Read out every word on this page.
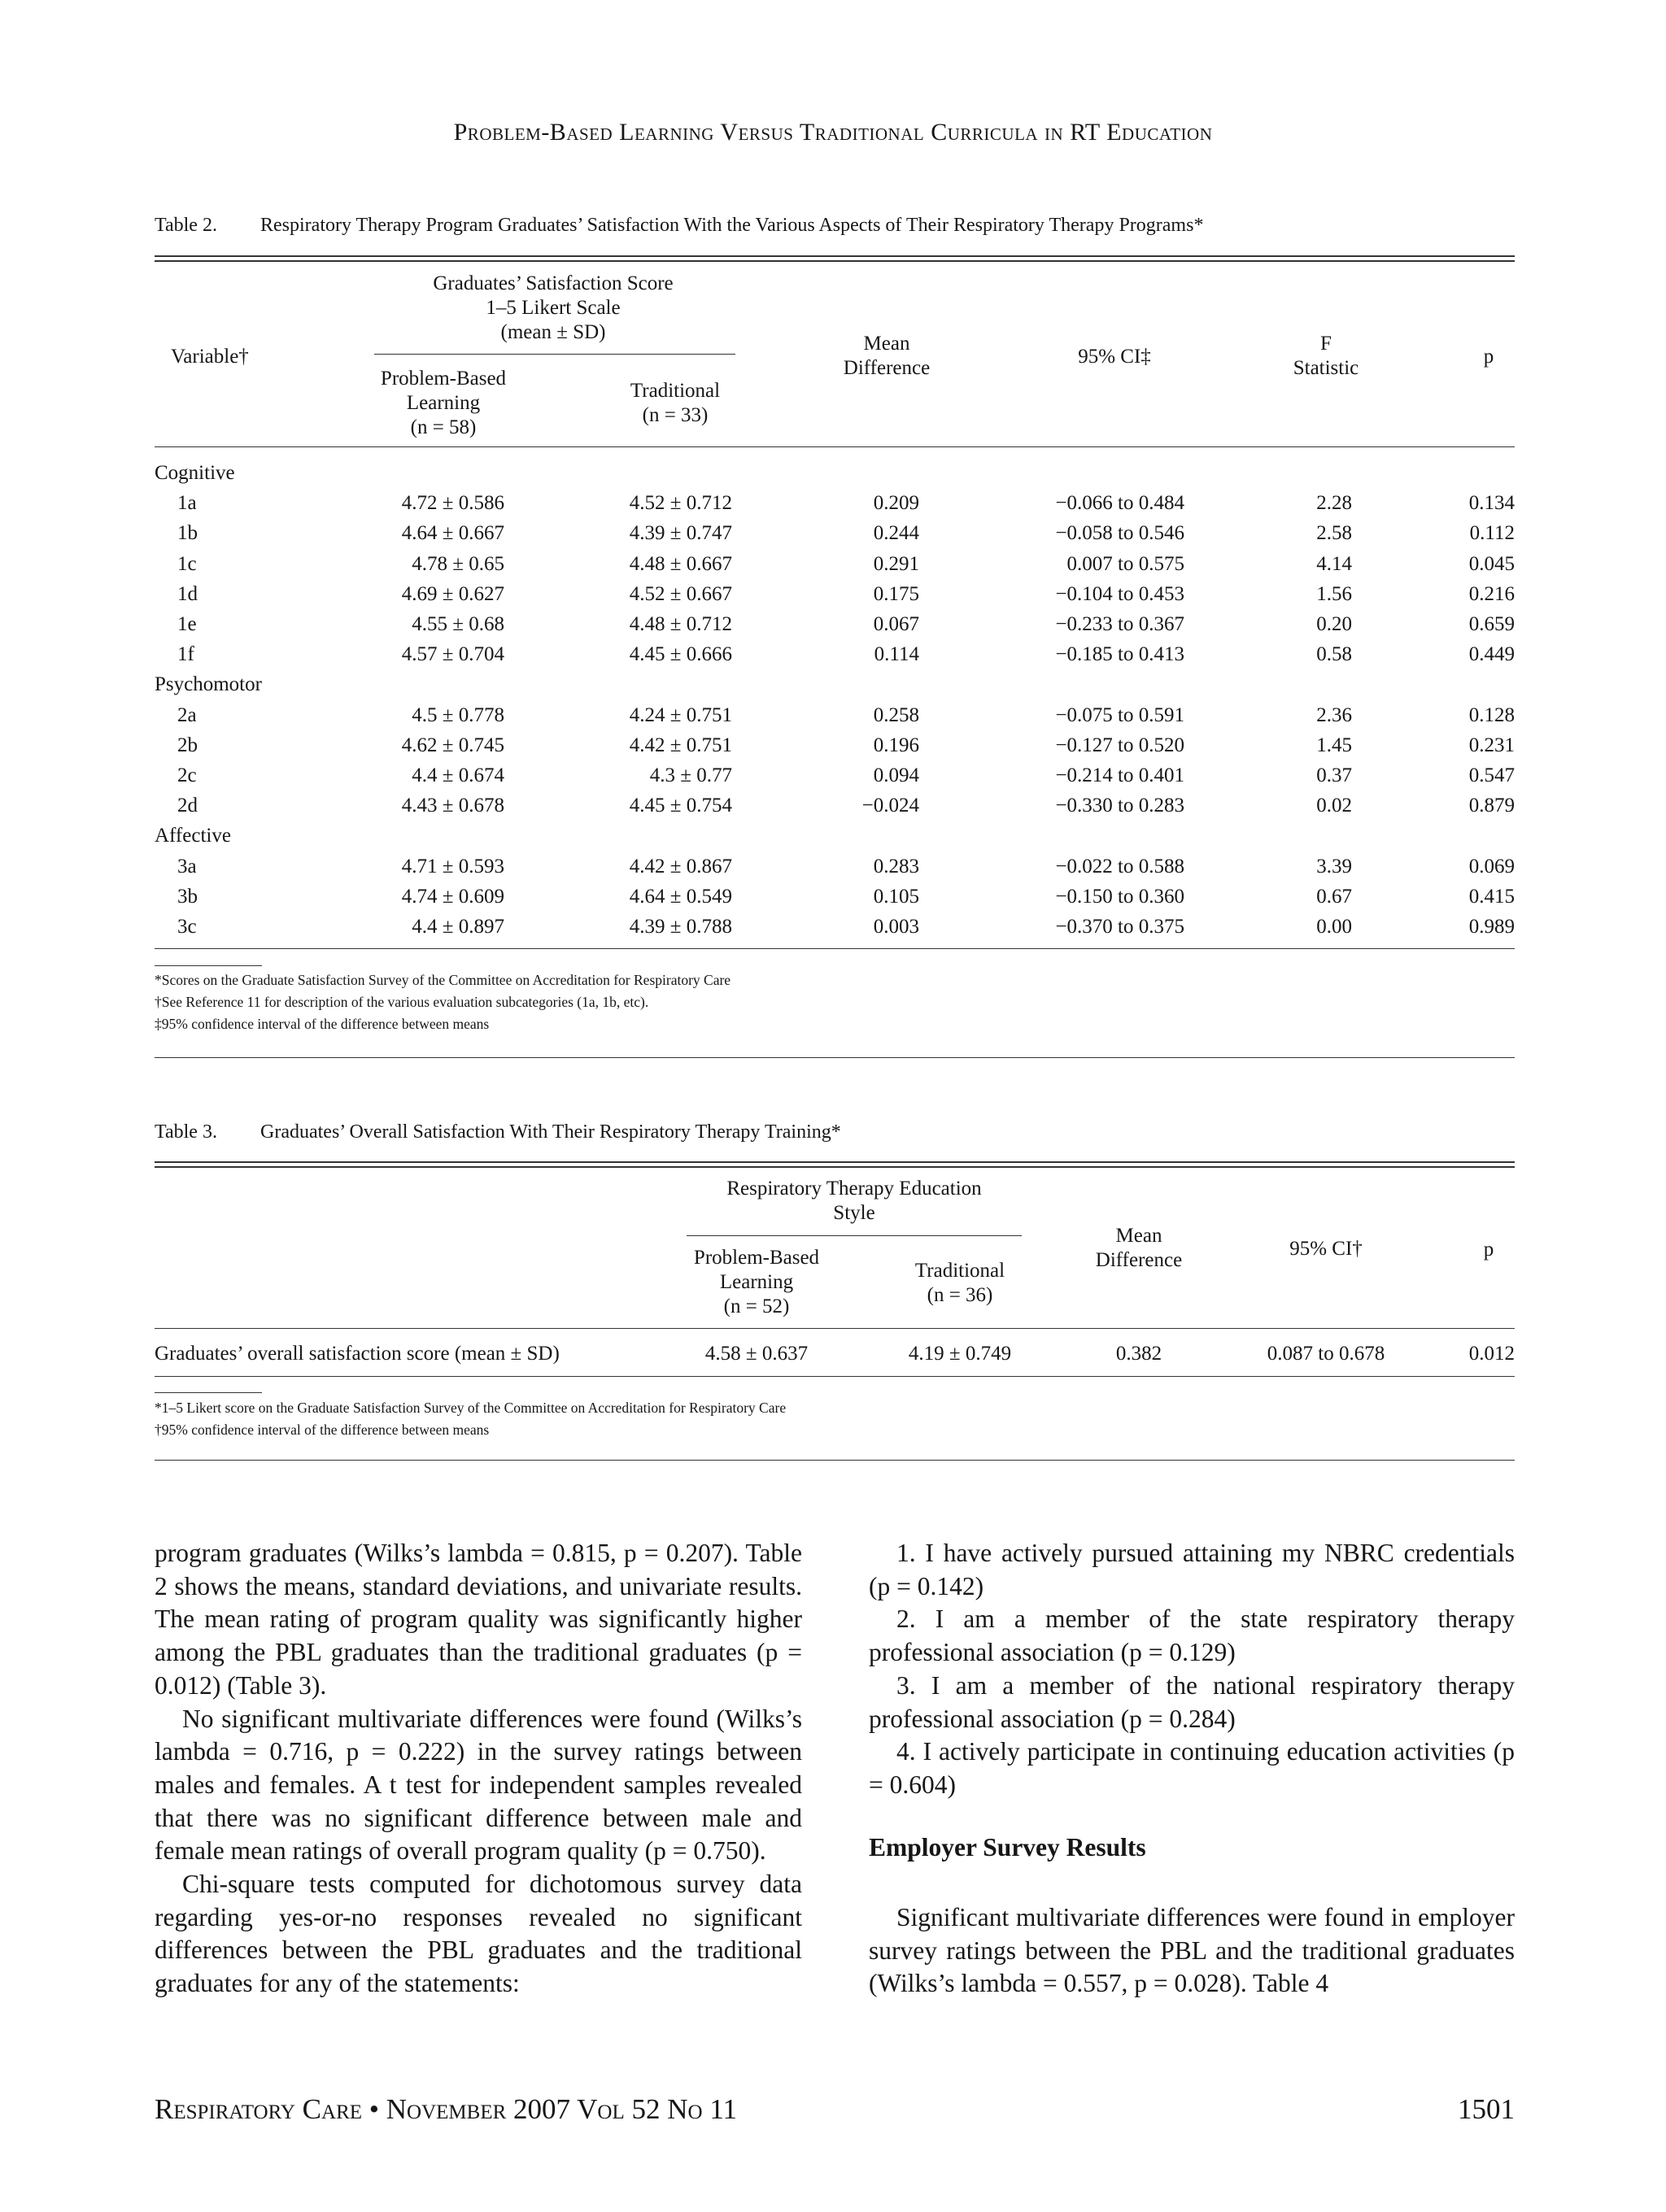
Problem-Based Learning Versus Traditional Curricula in RT Education
Table 2. Respiratory Therapy Program Graduates’ Satisfaction With the Various Aspects of Their Respiratory Therapy Programs*
Graduates’ Satisfaction Score
1–5 Likert Scale
(mean ± SD)
Variable†
Problem-Based
Learning
(n = 58)
Traditional
(n = 33)
Mean
Difference
95% CI‡
F
Statistic
p
Cognitive
1a	4.72 ± 0.586	4.52 ± 0.712	0.209	−0.066 to 0.484	2.28	0.134
1b	4.64 ± 0.667	4.39 ± 0.747	0.244	−0.058 to 0.546	2.58	0.112
1c	4.78 ± 0.65	4.48 ± 0.667	0.291	0.007 to 0.575	4.14	0.045
1d	4.69 ± 0.627	4.52 ± 0.667	0.175	−0.104 to 0.453	1.56	0.216
1e	4.55 ± 0.68	4.48 ± 0.712	0.067	−0.233 to 0.367	0.20	0.659
1f	4.57 ± 0.704	4.45 ± 0.666	0.114	−0.185 to 0.413	0.58	0.449
Psychomotor
2a	4.5 ± 0.778	4.24 ± 0.751	0.258	−0.075 to 0.591	2.36	0.128
2b	4.62 ± 0.745	4.42 ± 0.751	0.196	−0.127 to 0.520	1.45	0.231
2c	4.4 ± 0.674	4.3 ± 0.77	0.094	−0.214 to 0.401	0.37	0.547
2d	4.43 ± 0.678	4.45 ± 0.754	−0.024	−0.330 to 0.283	0.02	0.879
Affective
3a	4.71 ± 0.593	4.42 ± 0.867	0.283	−0.022 to 0.588	3.39	0.069
3b	4.74 ± 0.609	4.64 ± 0.549	0.105	−0.150 to 0.360	0.67	0.415
3c	4.4 ± 0.897	4.39 ± 0.788	0.003	−0.370 to 0.375	0.00	0.989
*Scores on the Graduate Satisfaction Survey of the Committee on Accreditation for Respiratory Care
†See Reference 11 for description of the various evaluation subcategories (1a, 1b, etc).
‡95% confidence interval of the difference between means
Table 3. Graduates’ Overall Satisfaction With Their Respiratory Therapy Training*
Respiratory Therapy Education
Style
Problem-Based
Learning
(n = 52)
Traditional
(n = 36)
Mean
Difference
95% CI†	p
Graduates’ overall satisfaction score (mean ± SD)	4.58 ± 0.637	4.19 ± 0.749	0.382	0.087 to 0.678	0.012
*1–5 Likert score on the Graduate Satisfaction Survey of the Committee on Accreditation for Respiratory Care
†95% confidence interval of the difference between means

program graduates (Wilks’s lambda = 0.815, p = 0.207). Table 2 shows the means, standard deviations, and univariate results. The mean rating of program quality was significantly higher among the PBL graduates than the traditional graduates (p = 0.012) (Table 3).

No significant multivariate differences were found (Wilks’s lambda = 0.716, p = 0.222) in the survey ratings between males and females. A t test for independent samples revealed that there was no significant difference between male and female mean ratings of overall program quality (p = 0.750).

Chi-square tests computed for dichotomous survey data regarding yes-or-no responses revealed no significant differences between the PBL graduates and the traditional graduates for any of the statements:

1. I have actively pursued attaining my NBRC credentials (p = 0.142)

2. I am a member of the state respiratory therapy professional association (p = 0.129)

3. I am a member of the national respiratory therapy professional association (p = 0.284)

4. I actively participate in continuing education activities (p = 0.604)

Employer Survey Results

Significant multivariate differences were found in employer survey ratings between the PBL and the traditional graduates (Wilks’s lambda = 0.557, p = 0.028). Table 4

Respiratory Care • November 2007 Vol 52 No 11	1501
